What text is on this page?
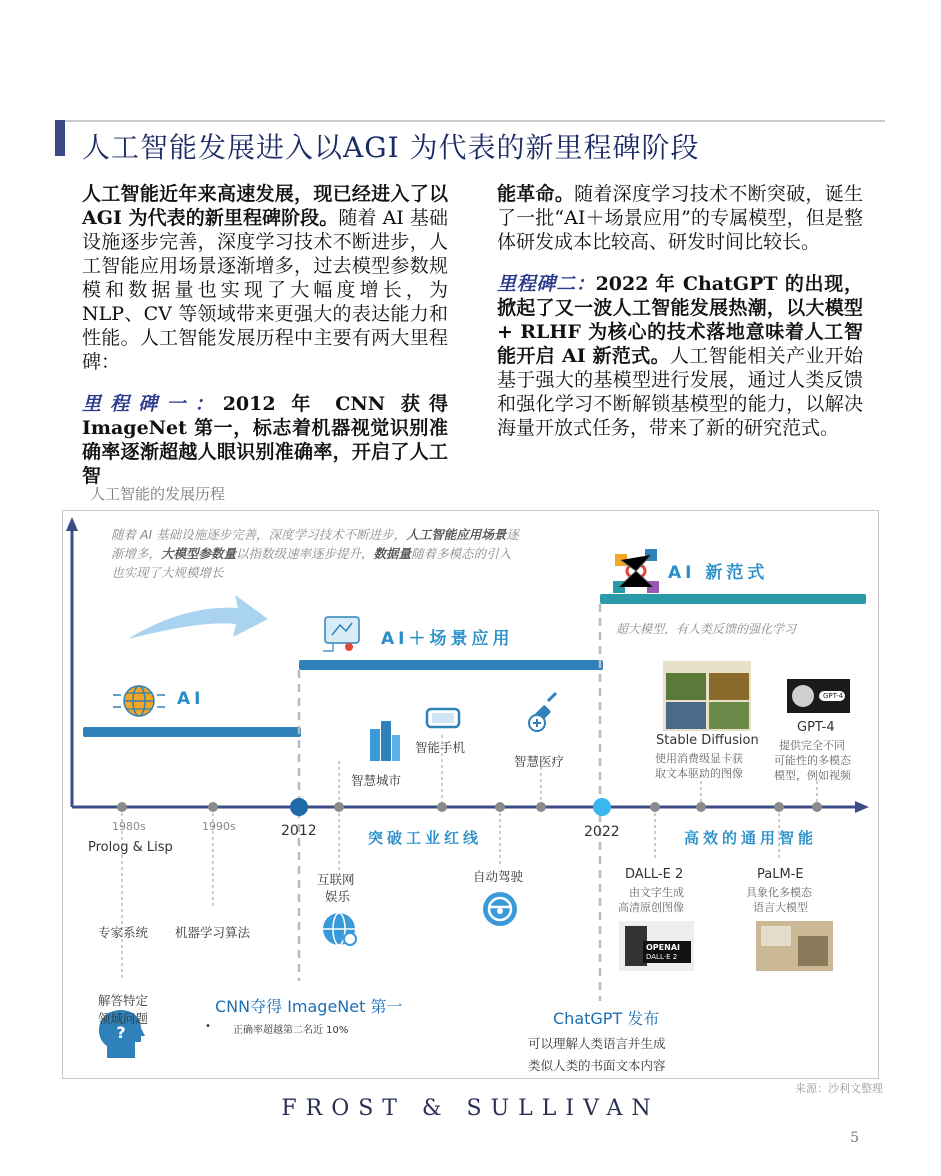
人工智能发展进入以AGI 为代表的新里程碑阶段

人工智能近年来高速发展，现已经进入了以 AGI 为代表的新里程碑阶段。随着 AI 基础设施逐步完善，深度学习技术不断进步，人工智能应用场景逐渐增多，过去模型参数规模和数据量也实现了大幅度增长，为 NLP、CV 等领域带来更强大的表达能力和性能。人工智能发展历程中主要有两大里程碑：

里程碑一：2012 年 CNN 获得 ImageNet 第一，标志着机器视觉识别准确率逐渐超越人眼识别准确率，开启了人工智

能革命。随着深度学习技术不断突破，诞生了一批“AI＋场景应用”的专属模型，但是整体研发成本比较高、研发时间比较长。

里程碑二：2022 年 ChatGPT 的出现，掀起了又一波人工智能发展热潮，以大模型 + RLHF 为核心的技术落地意味着人工智能开启 AI 新范式。人工智能相关产业开始基于强大的基模型进行发展，通过人类反馈和强化学习不断解锁基模型的能力，以解决海量开放式任务，带来了新的研究范式。

人工智能的发展历程
?
随着 AI 基础设施逐步完善，深度学习技术不断进步，人工智能应用场景逐渐增多，大模型参数量以指数级速率逐步提升，数据量随着多模态的引入也实现了大规模增长
AI
AI＋场景应用
AI 新范式
超大模型，有人类反馈的强化学习
智慧城市
智能手机
智慧医疗
Stable Diffusion
使用消费级显卡获
取文本驱动的图像
GPT-4
提供完全不同
可能性的多模态
模型，例如视频
GPT-4
1980s	1990s	2012	2022
突破工业红线	高效的通用智能
Prolog & Lisp
专家系统 机器学习算法
解答特定
领域问题
互联网
娱乐
自动驾驶	DALL-E 2
由文字生成
高清原创图像
OPENAI
DALL·E 2
PaLM-E
具象化多模态
语言大模型
CNN夺得 ImageNet 第一
• 正确率超越第二名近 10%
ChatGPT 发布
可以理解人类语言并生成
类似人类的书面文本内容
来源：沙利文整理
FROST & SULLIVAN
5
